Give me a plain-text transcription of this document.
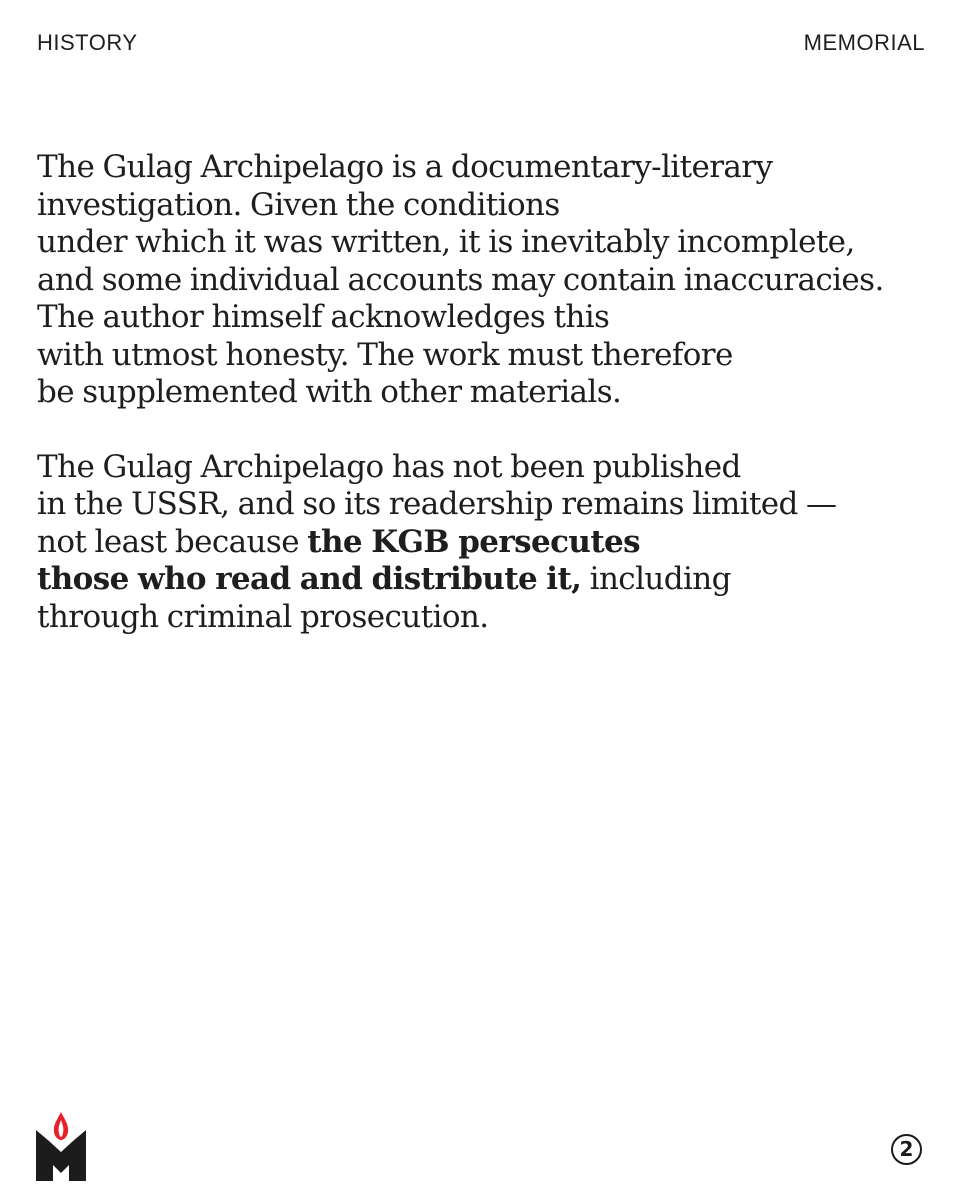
HISTORY	MEMORIAL

The Gulag Archipelago is a documentary-literary
investigation. Given the conditions
under which it was written, it is inevitably incomplete,
and some individual accounts may contain inaccuracies.
The author himself acknowledges this
with utmost honesty. The work must therefore
be supplemented with other materials.

The Gulag Archipelago has not been published
in the USSR, and so its readership remains limited —
not least because the KGB persecutes
those who read and distribute it, including
through criminal prosecution.

2
